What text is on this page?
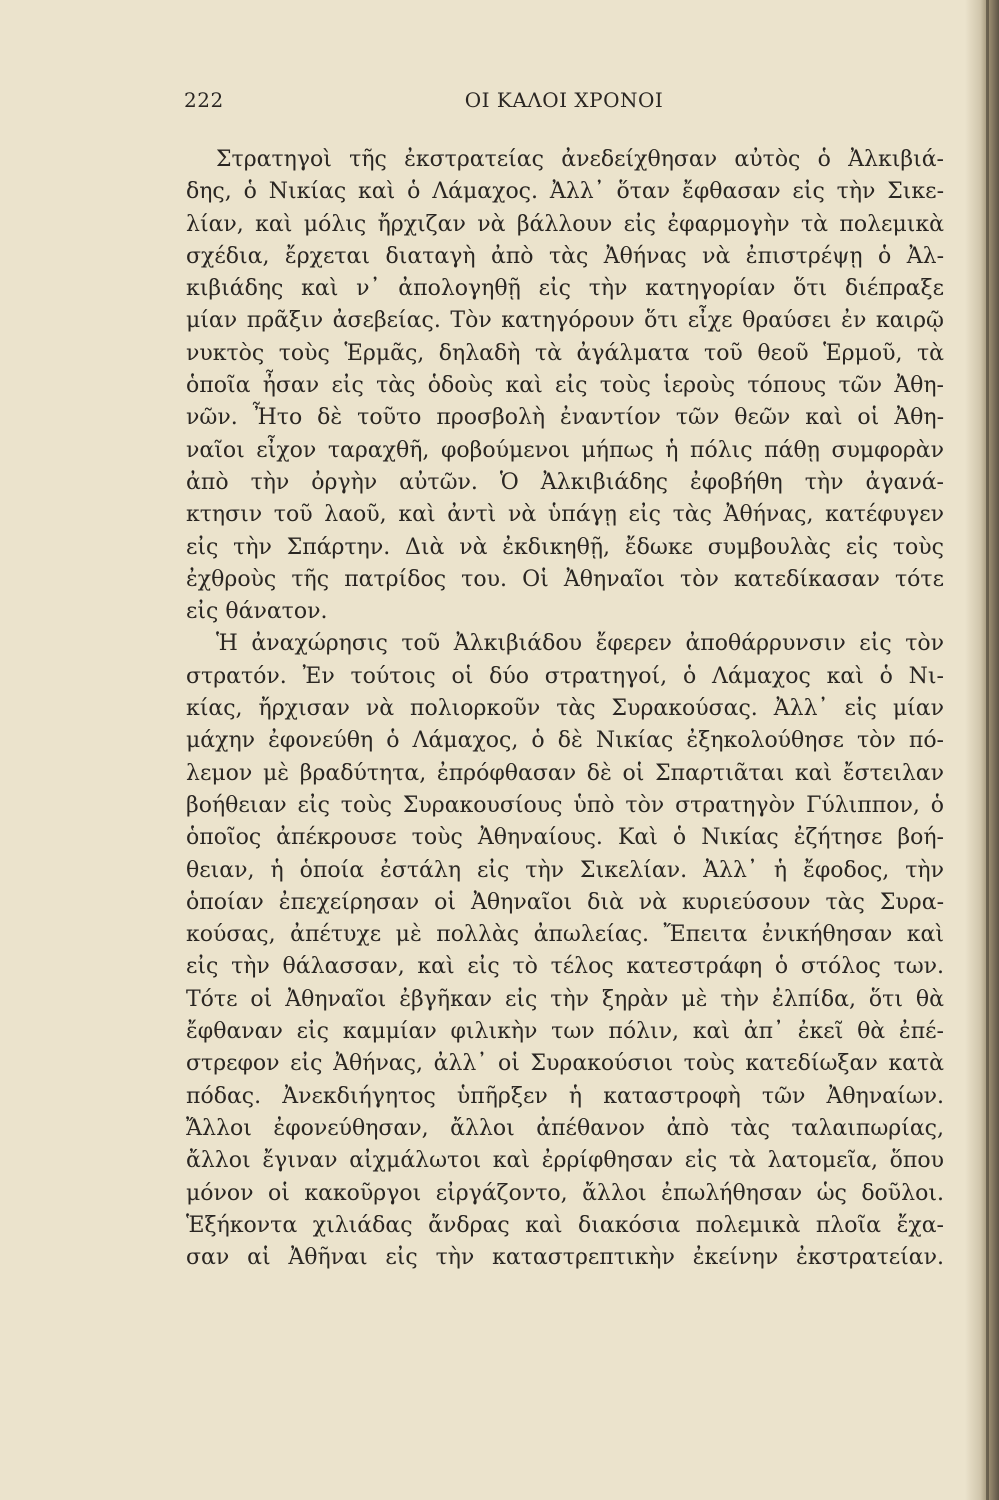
222	ΟΙ ΚΑΛΟΙ ΧΡΟΝΟΙ
Στρατηγοὶ τῆς ἐκστρατείας ἀνεδείχθησαν αὐτὸς ὁ Ἀλκιβιά-
δης, ὁ Νικίας καὶ ὁ Λάμαχος. Ἀλλ᾽ ὅταν ἔφθασαν εἰς τὴν Σικε-
λίαν, καὶ μόλις ἤρχιζαν νὰ βάλλουν εἰς ἐφαρμογὴν τὰ πολεμικὰ
σχέδια, ἔρχεται διαταγὴ ἀπὸ τὰς Ἀθήνας νὰ ἐπιστρέψῃ ὁ Ἀλ-
κιβιάδης καὶ ν᾽ ἀπολογηθῇ εἰς τὴν κατηγορίαν ὅτι διέπραξε
μίαν πρᾶξιν ἀσεβείας. Τὸν κατηγόρουν ὅτι εἶχε θραύσει ἐν καιρῷ
νυκτὸς τοὺς Ἑρμᾶς, δηλαδὴ τὰ ἀγάλματα τοῦ θεοῦ Ἑρμοῦ, τὰ
ὁποῖα ἦσαν εἰς τὰς ὁδοὺς καὶ εἰς τοὺς ἱεροὺς τόπους τῶν Ἀθη-
νῶν. Ἦτο δὲ τοῦτο προσβολὴ ἐναντίον τῶν θεῶν καὶ οἱ Ἀθη-
ναῖοι εἶχον ταραχθῆ, φοβούμενοι μήπως ἡ πόλις πάθῃ συμφορὰν
ἀπὸ τὴν ὀργὴν αὐτῶν. Ὁ Ἀλκιβιάδης ἐφοβήθη τὴν ἀγανά-
κτησιν τοῦ λαοῦ, καὶ ἀντὶ νὰ ὑπάγῃ εἰς τὰς Ἀθήνας, κατέφυγεν
εἰς τὴν Σπάρτην. Διὰ νὰ ἐκδικηθῇ, ἔδωκε συμβουλὰς εἰς τοὺς
ἐχθροὺς τῆς πατρίδος του. Οἱ Ἀθηναῖοι τὸν κατεδίκασαν τότε
εἰς θάνατον.
Ἡ ἀναχώρησις τοῦ Ἀλκιβιάδου ἔφερεν ἀποθάρρυνσιν εἰς τὸν
στρατόν. Ἐν τούτοις οἱ δύο στρατηγοί, ὁ Λάμαχος καὶ ὁ Νι-
κίας, ἤρχισαν νὰ πολιορκοῦν τὰς Συρακούσας. Ἀλλ᾽ εἰς μίαν
μάχην ἐφονεύθη ὁ Λάμαχος, ὁ δὲ Νικίας ἐξηκολούθησε τὸν πό-
λεμον μὲ βραδύτητα, ἐπρόφθασαν δὲ οἱ Σπαρτιᾶται καὶ ἔστειλαν
βοήθειαν εἰς τοὺς Συρακουσίους ὑπὸ τὸν στρατηγὸν Γύλιππον, ὁ
ὁποῖος ἀπέκρουσε τοὺς Ἀθηναίους. Καὶ ὁ Νικίας ἐζήτησε βοή-
θειαν, ἡ ὁποία ἐστάλη εἰς τὴν Σικελίαν. Ἀλλ᾽ ἡ ἔφοδος, τὴν
ὁποίαν ἐπεχείρησαν οἱ Ἀθηναῖοι διὰ νὰ κυριεύσουν τὰς Συρα-
κούσας, ἀπέτυχε μὲ πολλὰς ἀπωλείας. Ἔπειτα ἐνικήθησαν καὶ
εἰς τὴν θάλασσαν, καὶ εἰς τὸ τέλος κατεστράφη ὁ στόλος των.
Τότε οἱ Ἀθηναῖοι ἐβγῆκαν εἰς τὴν ξηρὰν μὲ τὴν ἐλπίδα, ὅτι θὰ
ἔφθαναν εἰς καμμίαν φιλικὴν των πόλιν, καὶ ἀπ᾽ ἐκεῖ θὰ ἐπέ-
στρεφον εἰς Ἀθήνας, ἀλλ᾽ οἱ Συρακούσιοι τοὺς κατεδίωξαν κατὰ
πόδας. Ἀνεκδιήγητος ὑπῆρξεν ἡ καταστροφὴ τῶν Ἀθηναίων.
Ἄλλοι ἐφονεύθησαν, ἄλλοι ἀπέθανον ἀπὸ τὰς ταλαιπωρίας,
ἄλλοι ἔγιναν αἰχμάλωτοι καὶ ἐρρίφθησαν εἰς τὰ λατομεῖα, ὅπου
μόνον οἱ κακοῦργοι εἰργάζοντο, ἄλλοι ἐπωλήθησαν ὡς δοῦλοι.
Ἑξήκοντα χιλιάδας ἄνδρας καὶ διακόσια πολεμικὰ πλοῖα ἔχα-
σαν αἱ Ἀθῆναι εἰς τὴν καταστρεπτικὴν ἐκείνην ἐκστρατείαν.
